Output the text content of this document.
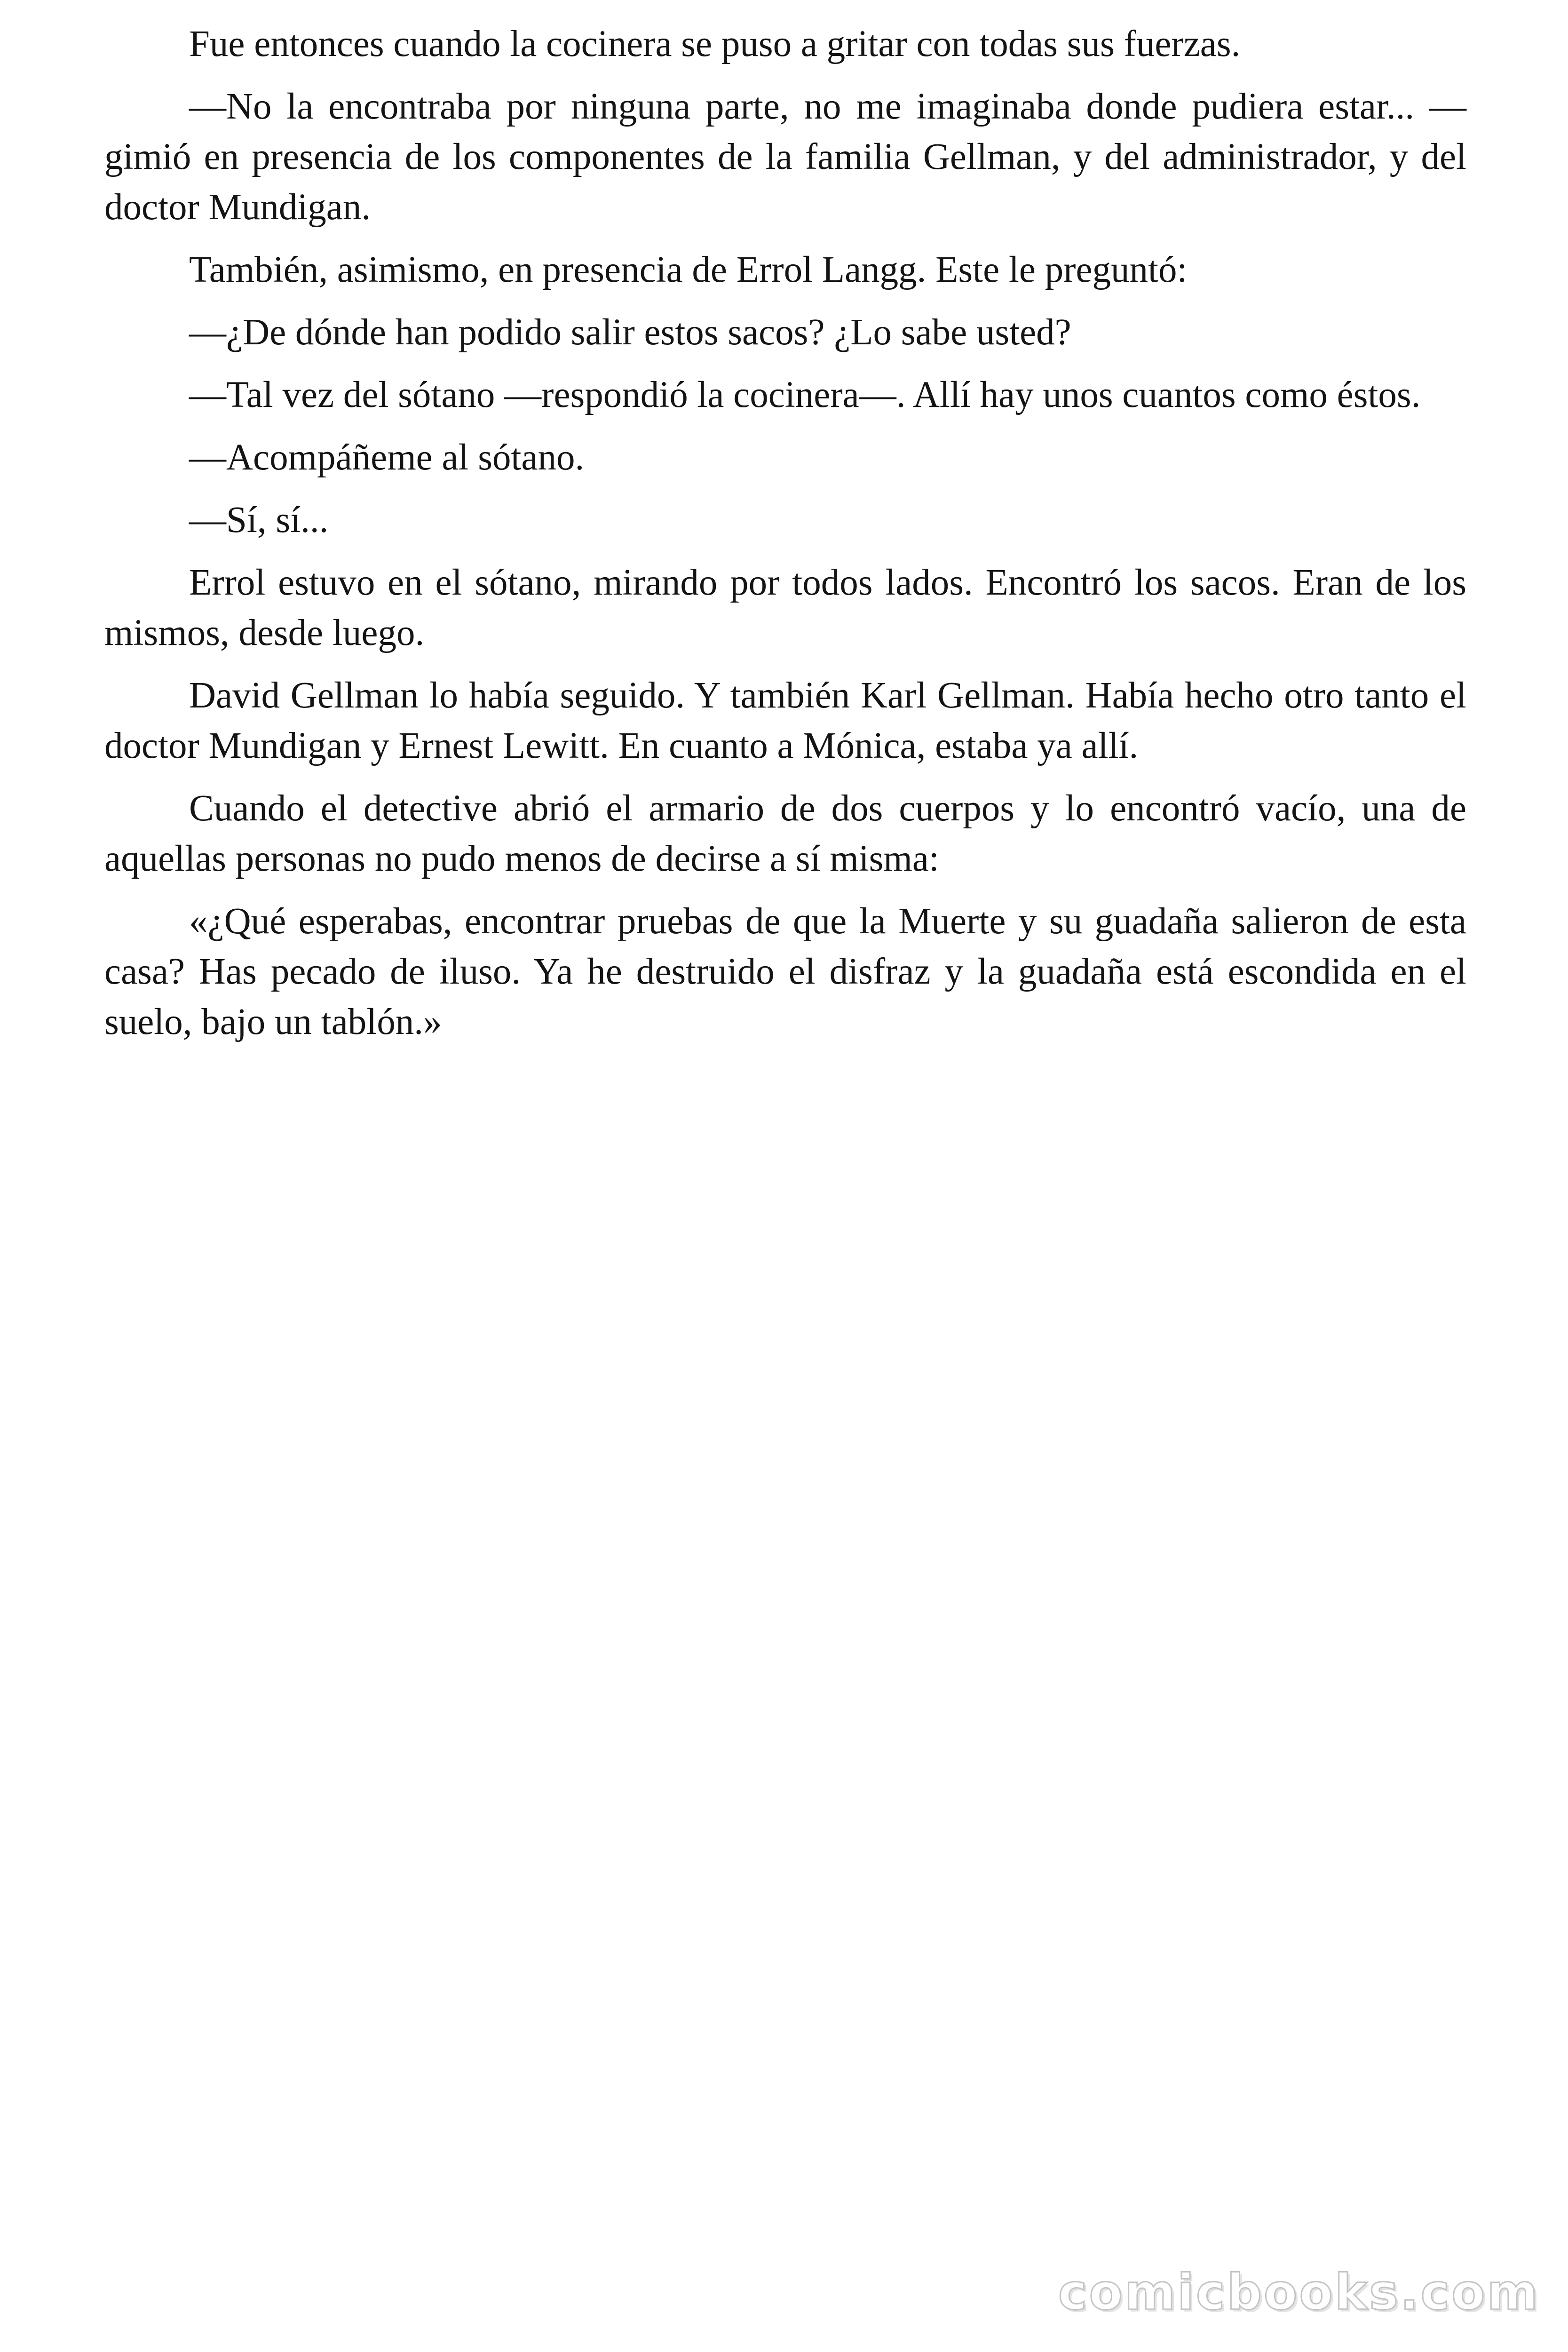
Fue entonces cuando la cocinera se puso a gritar con todas sus fuerzas.

—No la encontraba por ninguna parte, no me imaginaba donde pudiera estar... —gimió en presencia de los componentes de la familia Gellman, y del administrador, y del doctor Mundigan.

También, asimismo, en presencia de Errol Langg. Este le preguntó:

—¿De dónde han podido salir estos sacos? ¿Lo sabe usted?

—Tal vez del sótano —respondió la cocinera—. Allí hay unos cuantos como éstos.

—Acompáñeme al sótano.

—Sí, sí...

Errol estuvo en el sótano, mirando por todos lados. Encontró los sacos. Eran de los mismos, desde luego.

David Gellman lo había seguido. Y también Karl Gellman. Había hecho otro tanto el doctor Mundigan y Ernest Lewitt. En cuanto a Mónica, estaba ya allí.

Cuando el detective abrió el armario de dos cuerpos y lo encontró vacío, una de aquellas personas no pudo menos de decirse a sí misma:

«¿Qué esperabas, encontrar pruebas de que la Muerte y su guadaña salieron de esta casa? Has pecado de iluso. Ya he destruido el disfraz y la guadaña está escondida en el suelo, bajo un tablón.»

comicbooks.com
